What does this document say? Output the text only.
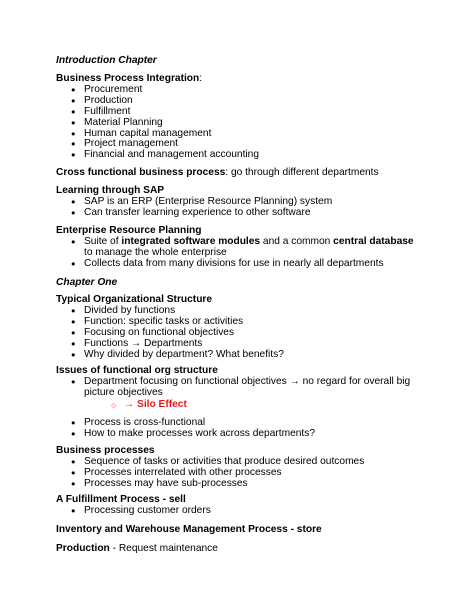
Introduction Chapter
Business Process Integration:
● Procurement
● Production
● Fulfillment
● Material Planning
● Human capital management
● Project management
● Financial and management accounting
Cross functional business process: go through different departments
Learning through SAP
● SAP is an ERP (Enterprise Resource Planning) system
● Can transfer learning experience to other software
Enterprise Resource Planning
● Suite of integrated software modules and a common central database to manage the whole enterprise
● Collects data from many divisions for use in nearly all departments
Chapter One
Typical Organizational Structure
● Divided by functions
● Function: specific tasks or activities
● Focusing on functional objectives
● Functions → Departments
● Why divided by department? What benefits?
Issues of functional org structure
● Department focusing on functional objectives → no regard for overall big picture objectives
○ → Silo Effect
● Process is cross-functional
● How to make processes work across departments?
Business processes
● Sequence of tasks or activities that produce desired outcomes
● Processes interrelated with other processes
● Processes may have sub-processes
A Fulfillment Process - sell
● Processing customer orders
Inventory and Warehouse Management Process - store
Production - Request maintenance
